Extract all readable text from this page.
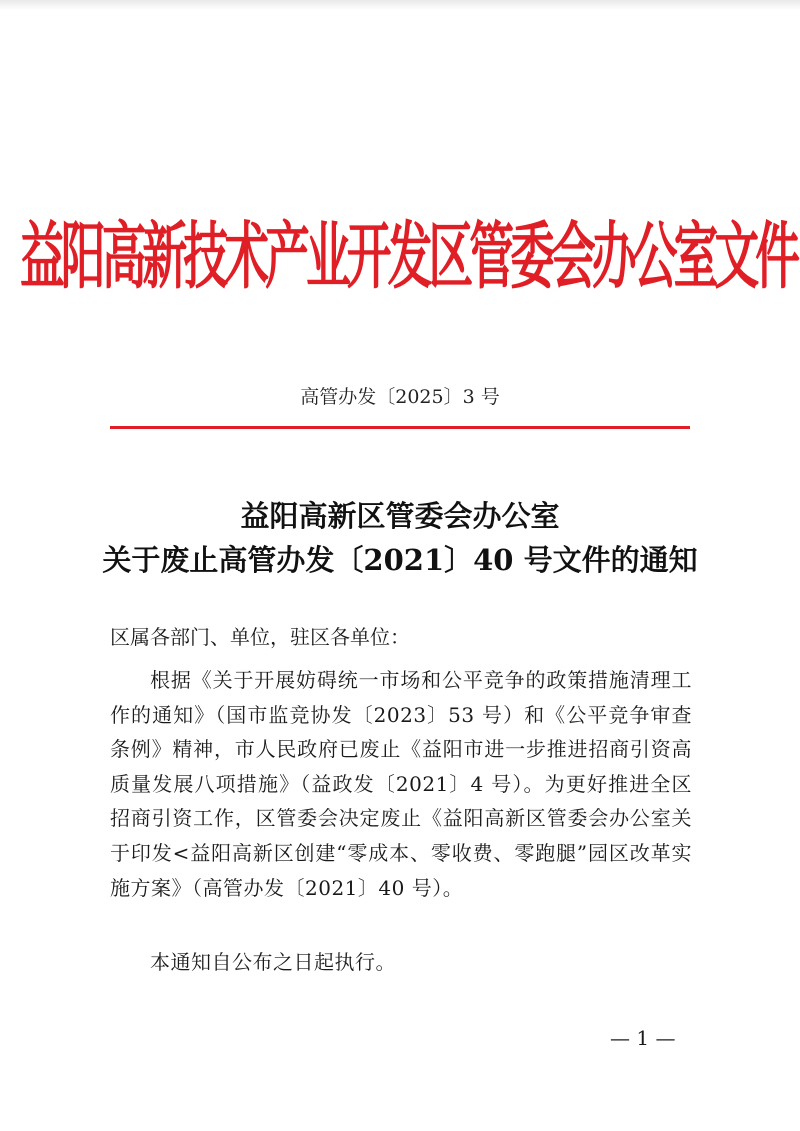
益阳高新技术产业开发区管委会办公室文件
高管办发〔2025〕3 号
益阳高新区管委会办公室
关于废止高管办发〔2021〕40 号文件的通知
区属各部门、单位，驻区各单位：
根据《关于开展妨碍统一市场和公平竞争的政策措施清理工作的通知》（国市监竞协发〔2023〕53 号）和《公平竞争审查条例》精神，市人民政府已废止《益阳市进一步推进招商引资高质量发展八项措施》（益政发〔2021〕4 号）。为更好推进全区招商引资工作，区管委会决定废止《益阳高新区管委会办公室关于印发<益阳高新区创建“零成本、零收费、零跑腿”园区改革实施方案》（高管办发〔2021〕40 号）。
本通知自公布之日起执行。
— 1 —
